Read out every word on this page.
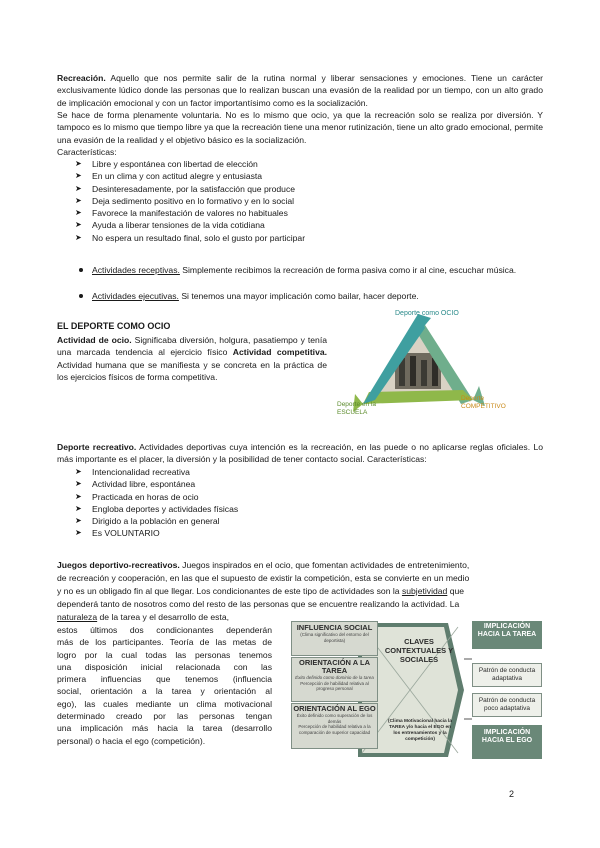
Recreación. Aquello que nos permite salir de la rutina normal y liberar sensaciones y emociones. Tiene un carácter exclusivamente lúdico donde las personas que lo realizan buscan una evasión de la realidad por un tiempo, con un alto grado de implicación emocional y con un factor importantísimo como es la socialización.
Se hace de forma plenamente voluntaria. No es lo mismo que ocio, ya que la recreación solo se realiza por diversión. Y tampoco es lo mismo que tiempo libre ya que la recreación tiene una menor rutinización, tiene un alto grado emocional, permite una evasión de la realidad y el objetivo básico es la socialización.
Características:
➤ Libre y espontánea con libertad de elección
➤ En un clima y con actitud alegre y entusiasta
➤ Desinteresadamente, por la satisfacción que produce
➤ Deja sedimento positivo en lo formativo y en lo social
➤ Favorece la manifestación de valores no habituales
➤ Ayuda a liberar tensiones de la vida cotidiana
➤ No espera un resultado final, solo el gusto por participar
Actividades receptivas. Simplemente recibimos la recreación de forma pasiva como ir al cine, escuchar música.
Actividades ejecutivas. Si tenemos una mayor implicación como bailar, hacer deporte.
EL DEPORTE COMO OCIO
Actividad de ocio. Significaba diversión, holgura, pasatiempo y tenía una marcada tendencia al ejercicio físico Actividad competitiva. Actividad humana que se manifiesta y se concreta en la práctica de los ejercicios físicos de forma competitiva.
Deporte como OCIO
Deporte en la ESCUELA
Deporte COMPETITIVO
Deporte recreativo. Actividades deportivas cuya intención es la recreación, en las puede o no aplicarse reglas oficiales. Lo más importante es el placer, la diversión y la posibilidad de tener contacto social. Características:
➤ Intencionalidad recreativa
➤ Actividad libre, espontánea
➤ Practicada en horas de ocio
➤ Engloba deportes y actividades físicas
➤ Dirigido a la población en general
➤ Es VOLUNTARIO
Juegos deportivo-recreativos. Juegos inspirados en el ocio, que fomentan actividades de entretenimiento,
de recreación y cooperación, en las que el supuesto de existir la competición, esta se convierte en un medio
y no es un obligado fin al que llegar. Los condicionantes de este tipo de actividades son la subjetividad que
dependerá tanto de nosotros como del resto de las personas que se encuentre realizando la actividad. La
naturaleza de la tarea y el desarrollo de esta,
estos últimos dos condicionantes dependerán
más de los participantes. Teoría de las metas de
logro por la cual todas las personas tenemos
una disposición inicial relacionada con las
primera influencias que tenemos (influencia
social, orientación a la tarea y orientación al
ego), las cuales mediante un clima motivacional
determinado creado por las personas tengan
una implicación más hacia la tarea (desarrollo
personal) o hacia el ego (competición).
INFLUENCIA SOCIAL
(Clima significativo del entorno del deportista)
ORIENTACIÓN A LA TAREA
Éxito definido como dominio de la tarea
Percepción de habilidad relativa al progreso personal
ORIENTACIÓN AL EGO
Éxito definido como superación de los demás
Percepción de habilidad relativa a la comparación de superior capacidad
CLAVES CONTEXTUALES Y SOCIALES
(Clima Motivacional hacia la TAREA y/o hacia el EGO en los entrenamientos y la competición)
IMPLICACIÓN HACIA LA TAREA
Patrón de conducta adaptativa
Patrón de conducta poco adaptativa
IMPLICACIÓN HACIA EL EGO
2
